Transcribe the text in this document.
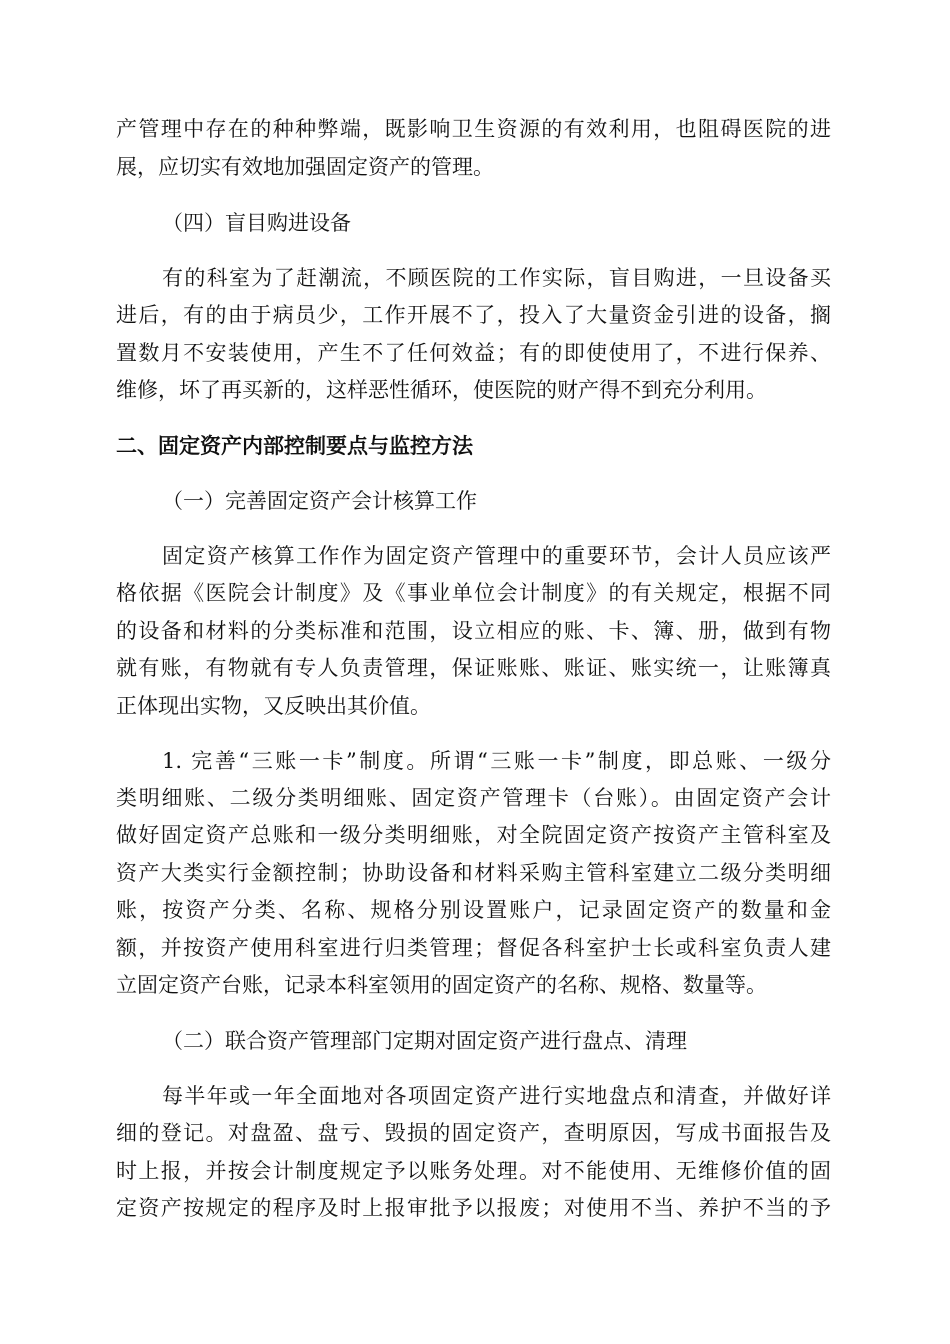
产管理中存在的种种弊端，既影响卫生资源的有效利用，也阻碍医院的进
展，应切实有效地加强固定资产的管理。
（四）盲目购进设备
有的科室为了赶潮流，不顾医院的工作实际，盲目购进，一旦设备买
进后，有的由于病员少，工作开展不了，投入了大量资金引进的设备，搁
置数月不安装使用，产生不了任何效益；有的即使使用了，不进行保养、
维修，坏了再买新的，这样恶性循环，使医院的财产得不到充分利用。
二、固定资产内部控制要点与监控方法
（一）完善固定资产会计核算工作
固定资产核算工作作为固定资产管理中的重要环节，会计人员应该严
格依据《医院会计制度》及《事业单位会计制度》的有关规定，根据不同
的设备和材料的分类标准和范围，设立相应的账、卡、簿、册，做到有物
就有账，有物就有专人负责管理，保证账账、账证、账实统一，让账簿真
正体现出实物，又反映出其价值。
1. 完善“三账一卡”制度。所谓“三账一卡”制度，即总账、一级分
类明细账、二级分类明细账、固定资产管理卡（台账）。由固定资产会计
做好固定资产总账和一级分类明细账，对全院固定资产按资产主管科室及
资产大类实行金额控制；协助设备和材料采购主管科室建立二级分类明细
账，按资产分类、名称、规格分别设置账户，记录固定资产的数量和金
额，并按资产使用科室进行归类管理；督促各科室护士长或科室负责人建
立固定资产台账，记录本科室领用的固定资产的名称、规格、数量等。
（二）联合资产管理部门定期对固定资产进行盘点、清理
每半年或一年全面地对各项固定资产进行实地盘点和清查，并做好详
细的登记。对盘盈、盘亏、毁损的固定资产，查明原因，写成书面报告及
时上报，并按会计制度规定予以账务处理。对不能使用、无维修价值的固
定资产按规定的程序及时上报审批予以报废；对使用不当、养护不当的予
